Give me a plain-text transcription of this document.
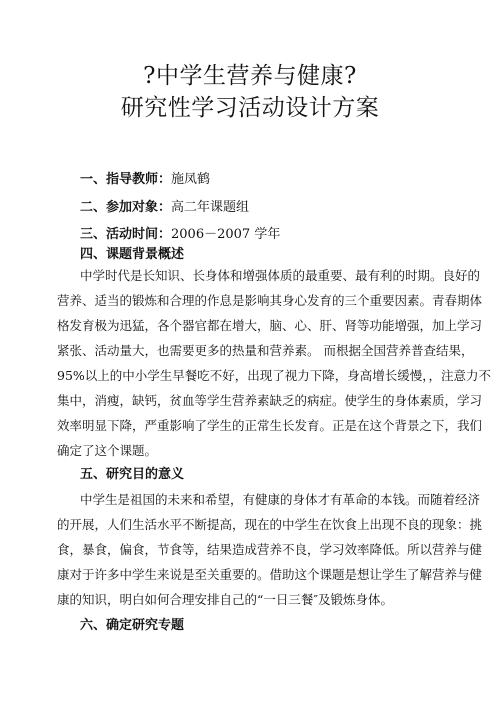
?中学生营养与健康?
研究性学习活动设计方案
一、指导教师：施凤鹤
二、参加对象：高二年课题组
三、活动时间：2006－2007 学年
四、课题背景概述
中学时代是长知识、长身体和增强体质的最重要、最有利的时期。良好的
营养、适当的锻炼和合理的作息是影响其身心发育的三个重要因素。青春期体
格发育极为迅猛，各个器官都在增大，脑、心、肝、肾等功能增强，加上学习
紧张、活动量大，也需要更多的热量和营养素。 而根据全国营养普查结果，
95%以上的中小学生早餐吃不好，出现了视力下降，身高增长缓慢，，注意力不
集中，消瘦，缺钙，贫血等学生营养素缺乏的病症。使学生的身体素质，学习
效率明显下降，严重影响了学生的正常生长发育。正是在这个背景之下，我们
确定了这个课题。
五、研究目的意义
中学生是祖国的未来和希望，有健康的身体才有革命的本钱。而随着经济
的开展，人们生活水平不断提高，现在的中学生在饮食上出现不良的现象：挑
食，暴食，偏食，节食等，结果造成营养不良，学习效率降低。所以营养与健
康对于许多中学生来说是至关重要的。借助这个课题是想让学生了解营养与健
康的知识，明白如何合理安排自己的“一日三餐″及锻炼身体。
六、确定研究专题
